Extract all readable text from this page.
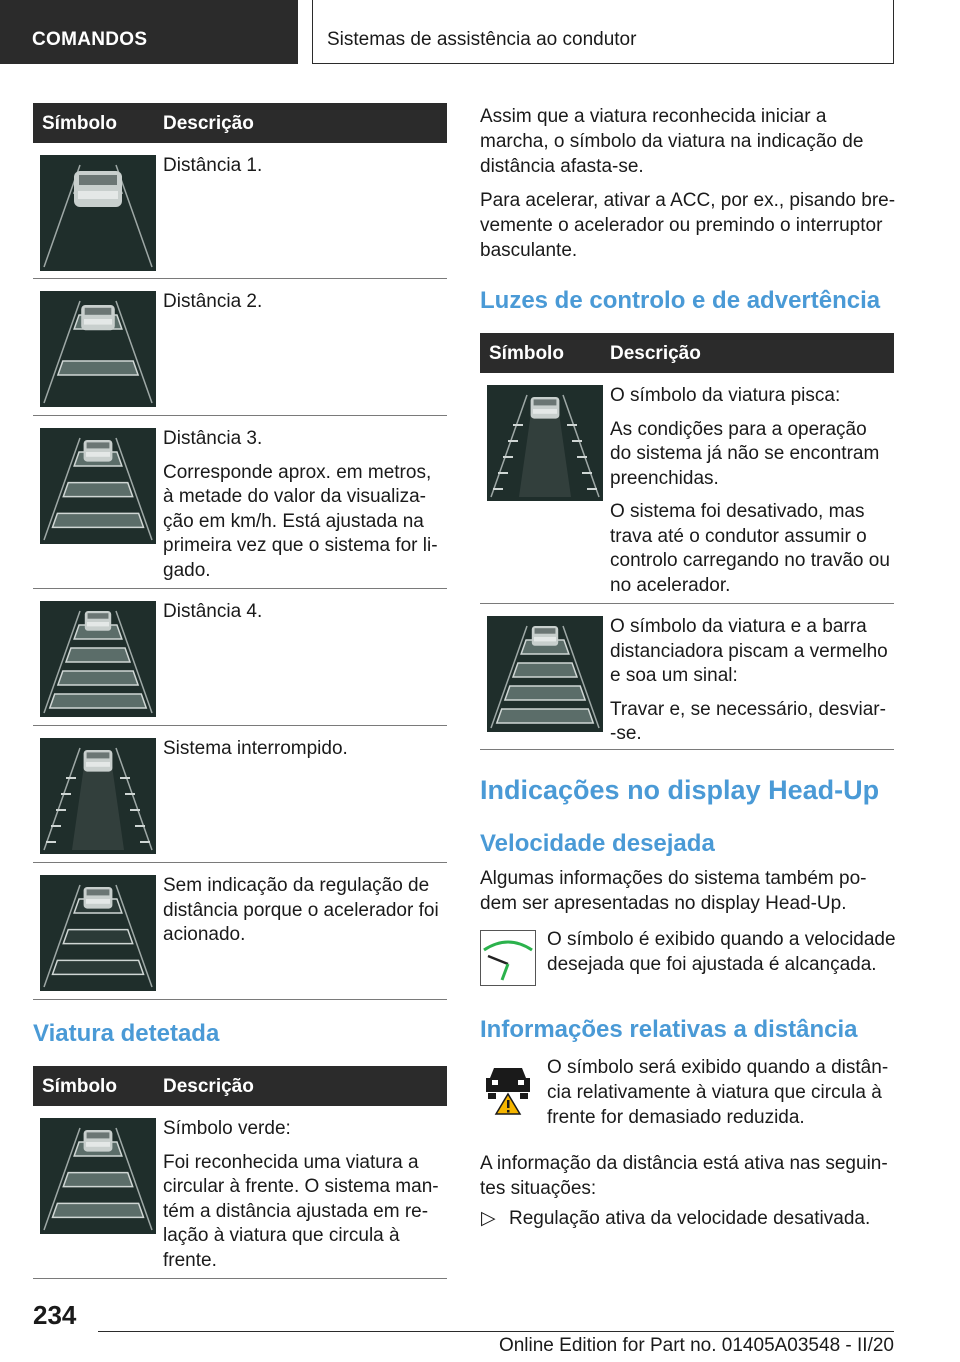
COMANDOS	Sistemas de assistência ao condutor
Símbolo Descrição

Distância 1.

Distância 2.

Distância 3.

Corresponde aprox. em metros, à metade do valor da visualiza-ção em km/h. Está ajustada na primeira vez que o sistema for li-gado.

Distância 4.

Sistema interrompido.

Sem indicação da regulação de distância porque o acelerador foi acionado.

Viatura detetada
Símbolo Descrição

Símbolo verde:

Foi reconhecida uma viatura a circular à frente. O sistema man-tém a distância ajustada em re-lação à viatura que circula à frente.

Assim que a viatura reconhecida iniciar a marcha, o símbolo da viatura na indicação de distância afasta-se.

Para acelerar, ativar a ACC, por ex., pisando bre-vemente o acelerador ou premindo o interruptor basculante.

Luzes de controlo e de advertência
Símbolo Descrição

O símbolo da viatura pisca:

As condições para a operação do sistema já não se encontram preenchidas.

O sistema foi desativado, mas trava até o condutor assumir o controlo carregando no travão ou no acelerador.

O símbolo da viatura e a barra distanciadora piscam a vermelho e soa um sinal:

Travar e, se necessário, desviar--se.

Indicações no display Head-Up
Velocidade desejada
Algumas informações do sistema também po-dem ser apresentadas no display Head-Up.
O símbolo é exibido quando a velocidade desejada que foi ajustada é alcançada.
Informações relativas a distância
O símbolo será exibido quando a distân-cia relativamente à viatura que circula à frente for demasiado reduzida.
A informação da distância está ativa nas seguin-tes situações:
▷ Regulação ativa da velocidade desativada.
234
Online Edition for Part no. 01405A03548 - II/20
